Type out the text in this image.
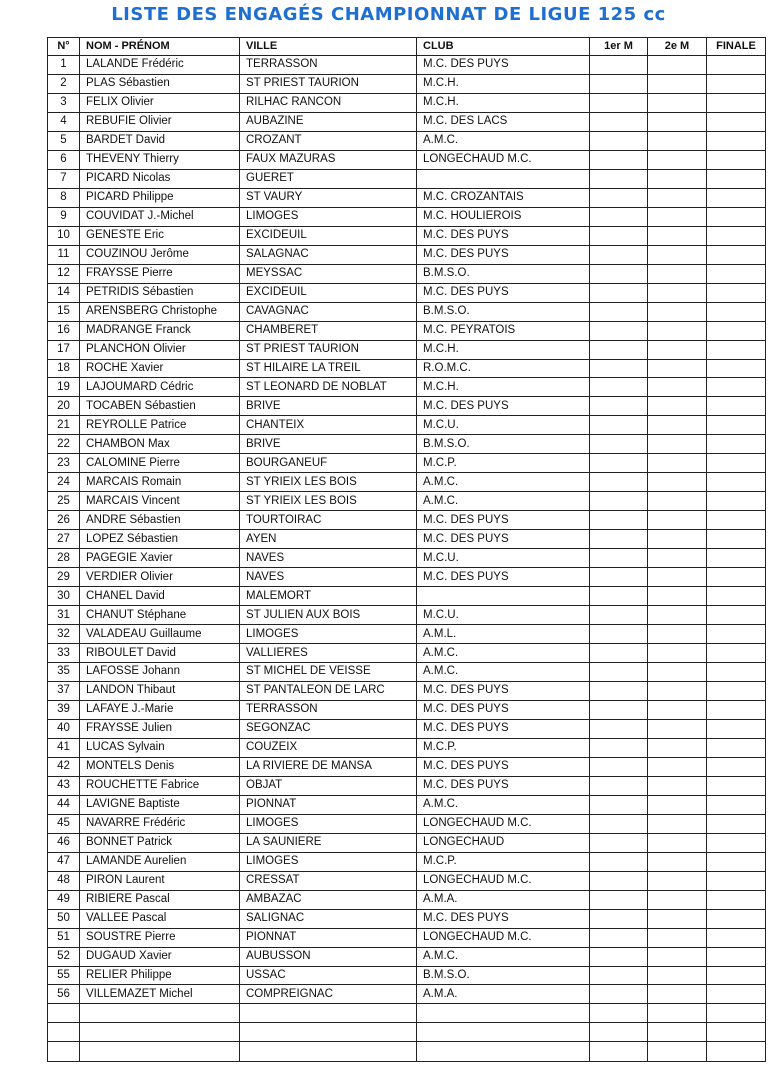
LISTE DES ENGAGÉS CHAMPIONNAT DE LIGUE 125 cc
N°	NOM - PRÉNOM	VILLE	CLUB	1er M	2e M	FINALE
1	LALANDE Frédéric	TERRASSON	M.C. DES PUYS			
2	PLAS Sébastien	ST PRIEST TAURION	M.C.H.			
3	FELIX Olivier	RILHAC RANCON	M.C.H.			
4	REBUFIE Olivier	AUBAZINE	M.C. DES LACS			
5	BARDET David	CROZANT	A.M.C.			
6	THEVENY Thierry	FAUX MAZURAS	LONGECHAUD M.C.			
7	PICARD Nicolas	GUERET				
8	PICARD Philippe	ST VAURY	M.C. CROZANTAIS			
9	COUVIDAT J.-Michel	LIMOGES	M.C. HOULIEROIS			
10	GENESTE Eric	EXCIDEUIL	M.C. DES PUYS			
11	COUZINOU Jerôme	SALAGNAC	M.C. DES PUYS			
12	FRAYSSE Pierre	MEYSSAC	B.M.S.O.			
14	PETRIDIS Sébastien	EXCIDEUIL	M.C. DES PUYS			
15	ARENSBERG Christophe	CAVAGNAC	B.M.S.O.			
16	MADRANGE Franck	CHAMBERET	M.C. PEYRATOIS			
17	PLANCHON Olivier	ST PRIEST TAURION	M.C.H.			
18	ROCHE Xavier	ST HILAIRE LA TREIL	R.O.M.C.			
19	LAJOUMARD Cédric	ST LEONARD DE NOBLAT	M.C.H.			
20	TOCABEN Sébastien	BRIVE	M.C. DES PUYS			
21	REYROLLE Patrice	CHANTEIX	M.C.U.			
22	CHAMBON Max	BRIVE	B.M.S.O.			
23	CALOMINE Pierre	BOURGANEUF	M.C.P.			
24	MARCAIS Romain	ST YRIEIX LES BOIS	A.M.C.			
25	MARCAIS Vincent	ST YRIEIX LES BOIS	A.M.C.			
26	ANDRE Sébastien	TOURTOIRAC	M.C. DES PUYS			
27	LOPEZ Sébastien	AYEN	M.C. DES PUYS			
28	PAGEGIE Xavier	NAVES	M.C.U.			
29	VERDIER Olivier	NAVES	M.C. DES PUYS			
30	CHANEL David	MALEMORT				
31	CHANUT Stéphane	ST JULIEN AUX BOIS	M.C.U.			
32	VALADEAU Guillaume	LIMOGES	A.M.L.			
33	RIBOULET David	VALLIERES	A.M.C.			
35	LAFOSSE Johann	ST MICHEL DE VEISSE	A.M.C.			
37	LANDON Thibaut	ST PANTALEON DE LARC	M.C. DES PUYS			
39	LAFAYE J.-Marie	TERRASSON	M.C. DES PUYS			
40	FRAYSSE Julien	SEGONZAC	M.C. DES PUYS			
41	LUCAS Sylvain	COUZEIX	M.C.P.			
42	MONTELS Denis	LA RIVIERE DE MANSA	M.C. DES PUYS			
43	ROUCHETTE Fabrice	OBJAT	M.C. DES PUYS			
44	LAVIGNE Baptiste	PIONNAT	A.M.C.			
45	NAVARRE Frédéric	LIMOGES	LONGECHAUD M.C.			
46	BONNET Patrick	LA SAUNIERE	LONGECHAUD			
47	LAMANDE Aurelien	LIMOGES	M.C.P.			
48	PIRON Laurent	CRESSAT	LONGECHAUD M.C.			
49	RIBIERE Pascal	AMBAZAC	A.M.A.			
50	VALLEE Pascal	SALIGNAC	M.C. DES PUYS			
51	SOUSTRE Pierre	PIONNAT	LONGECHAUD M.C.			
52	DUGAUD Xavier	AUBUSSON	A.M.C.			
55	RELIER Philippe	USSAC	B.M.S.O.			
56	VILLEMAZET Michel	COMPREIGNAC	A.M.A.			
